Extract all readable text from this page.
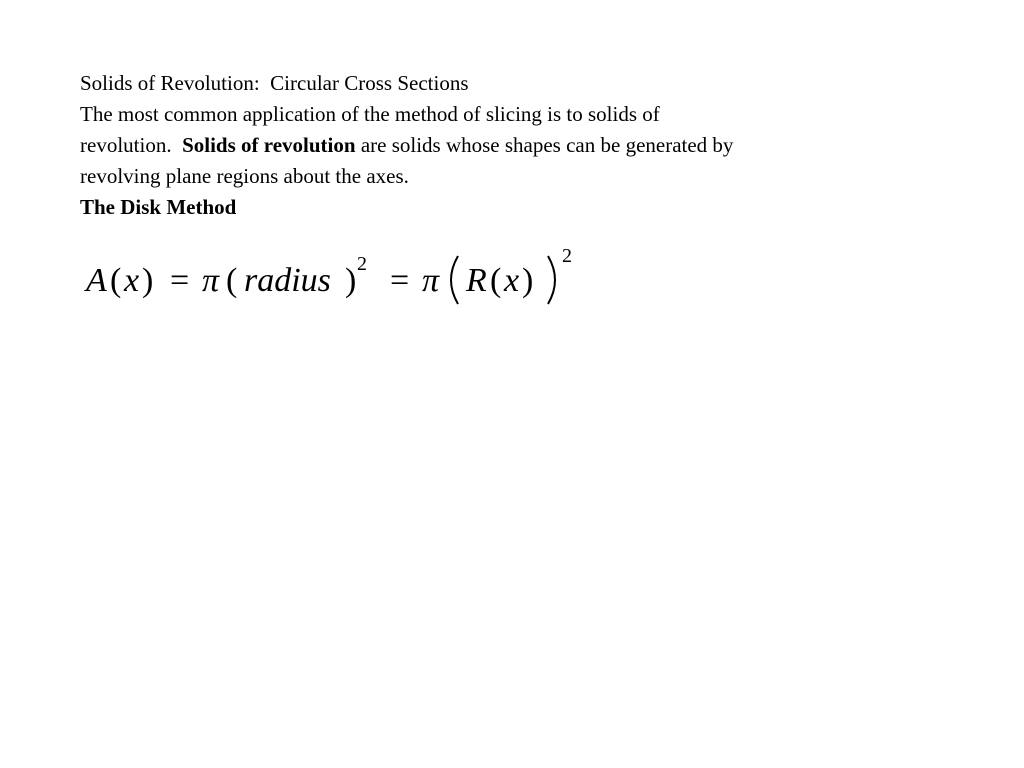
Solids of Revolution:  Circular Cross Sections

The most common application of the method of slicing is to solids of

revolution.  Solids of revolution are solids whose shapes can be generated by

revolving plane regions about the axes.

The Disk Method

A ( x ) = π ( radius ) 2 = π R ( x )
2
